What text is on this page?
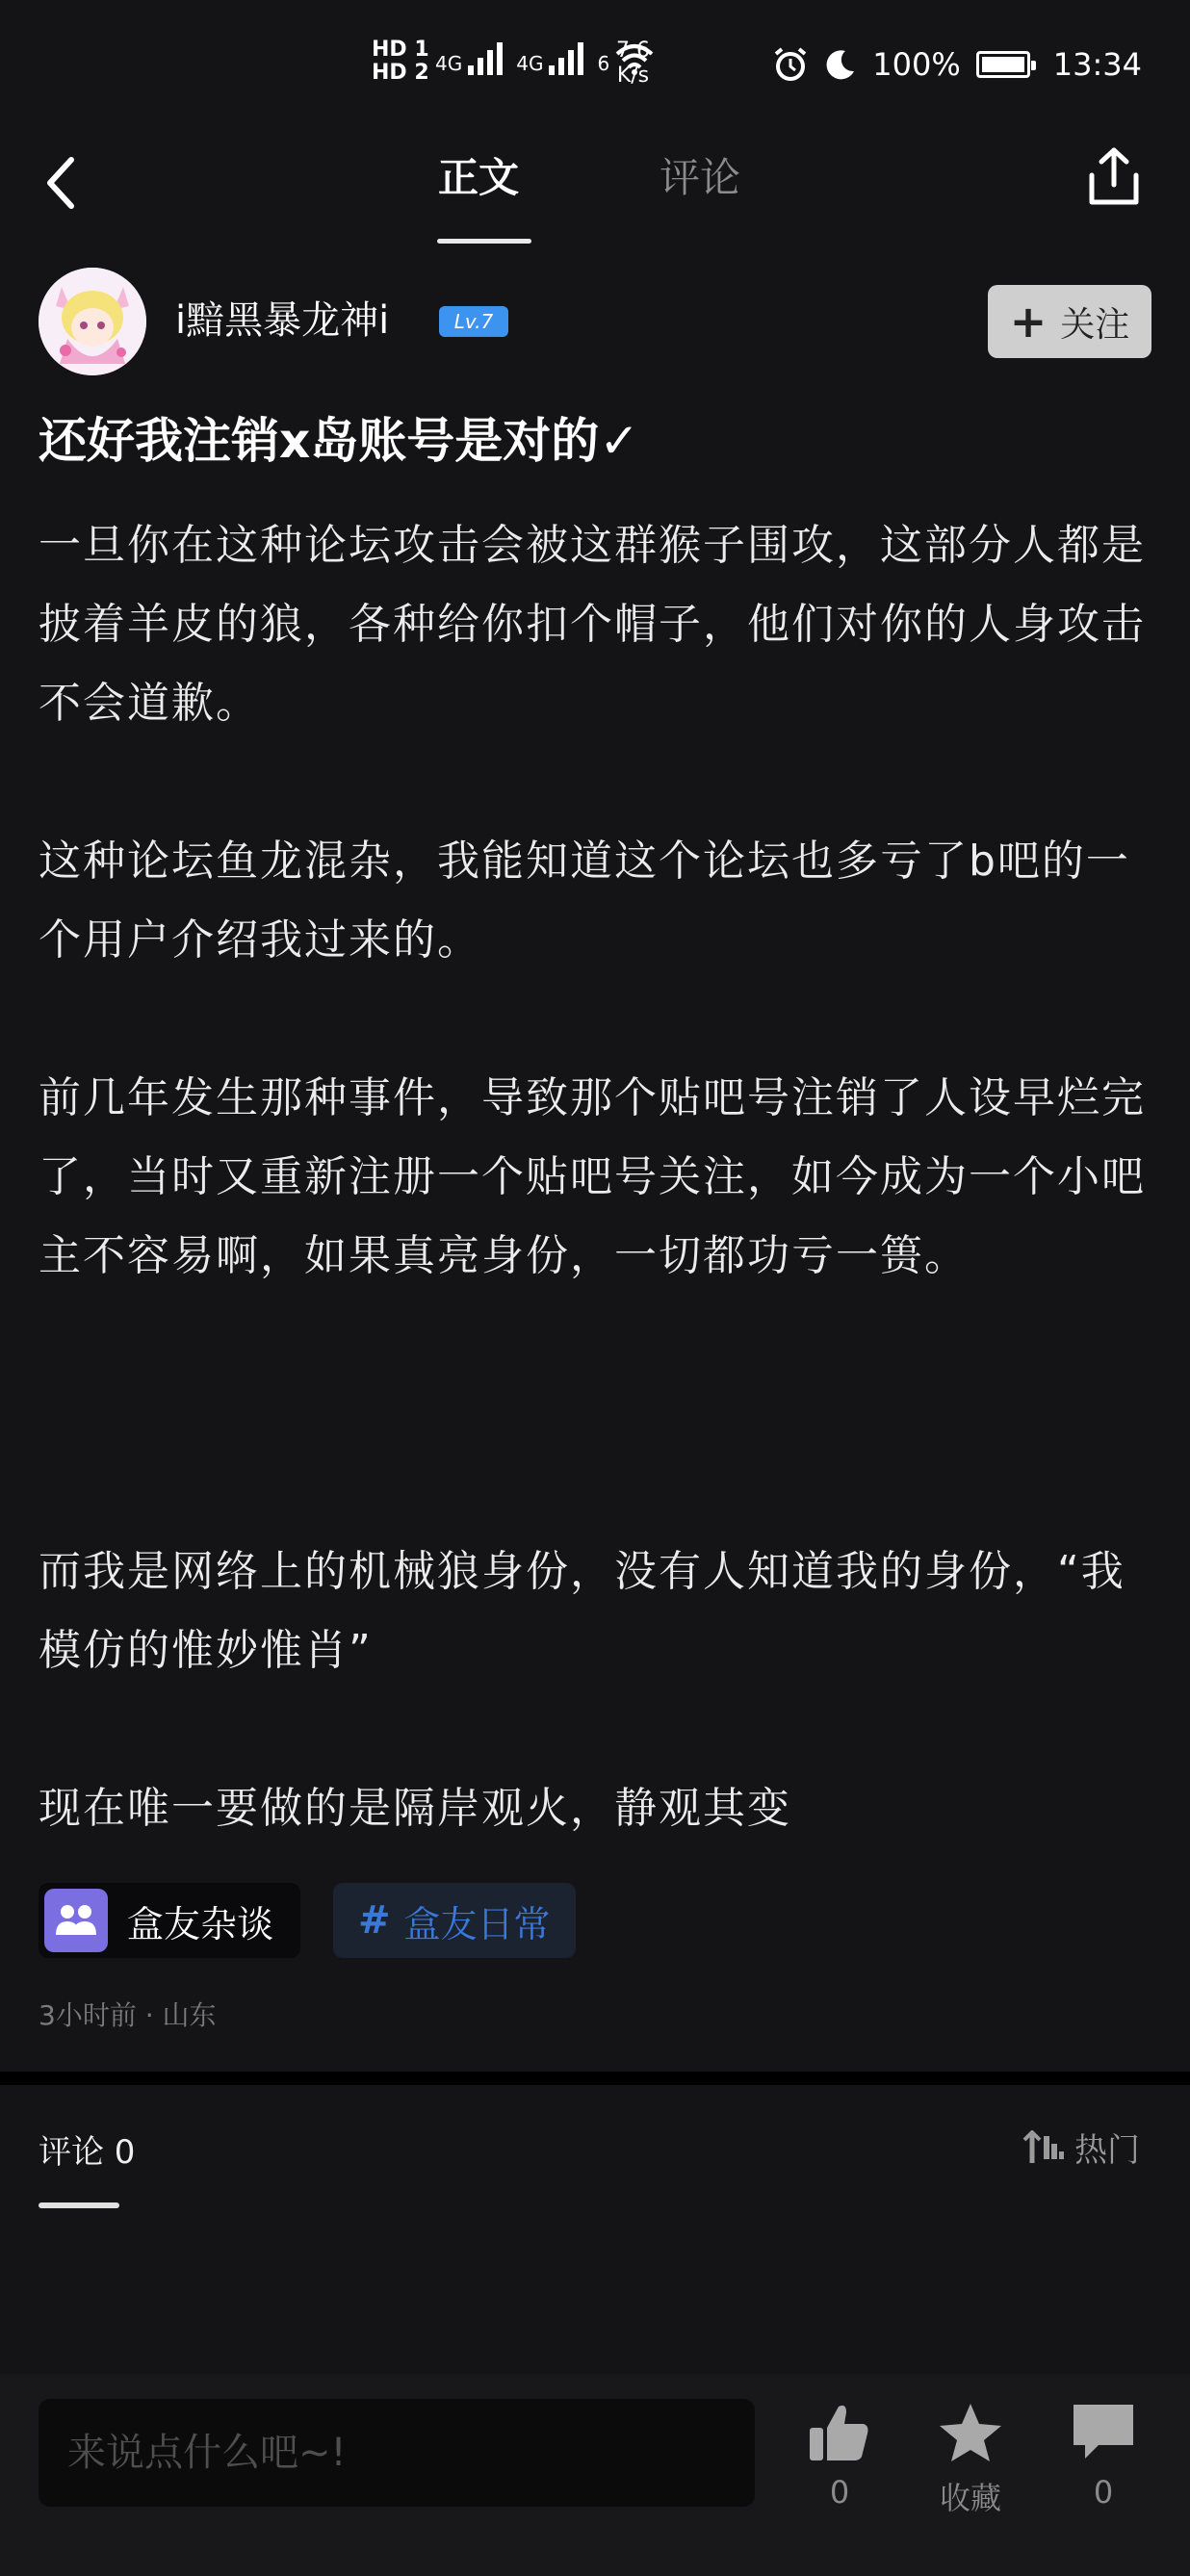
HD 1
HD 2 4G	4G	6
7.6
K/s	100%	13:34
正文	评论
i黯黑暴龙神i	Lv.7	+ 关注
还好我注销x岛账号是对的✓
一旦你在这种论坛攻击会被这群猴子围攻，这部分人都是披着羊皮的狼，各种给你扣个帽子，他们对你的人身攻击不会道歉。
这种论坛鱼龙混杂，我能知道这个论坛也多亏了b吧的一个用户介绍我过来的。
前几年发生那种事件，导致那个贴吧号注销了人设早烂完了，当时又重新注册一个贴吧号关注，如今成为一个小吧主不容易啊，如果真亮身份，一切都功亏一篑。
而我是网络上的机械狼身份，没有人知道我的身份，“我模仿的惟妙惟肖”
现在唯一要做的是隔岸观火，静观其变
盒友杂谈 # 盒友日常
3小时前 · 山东
评论 0	热门
来说点什么吧~!
0	收藏	0
